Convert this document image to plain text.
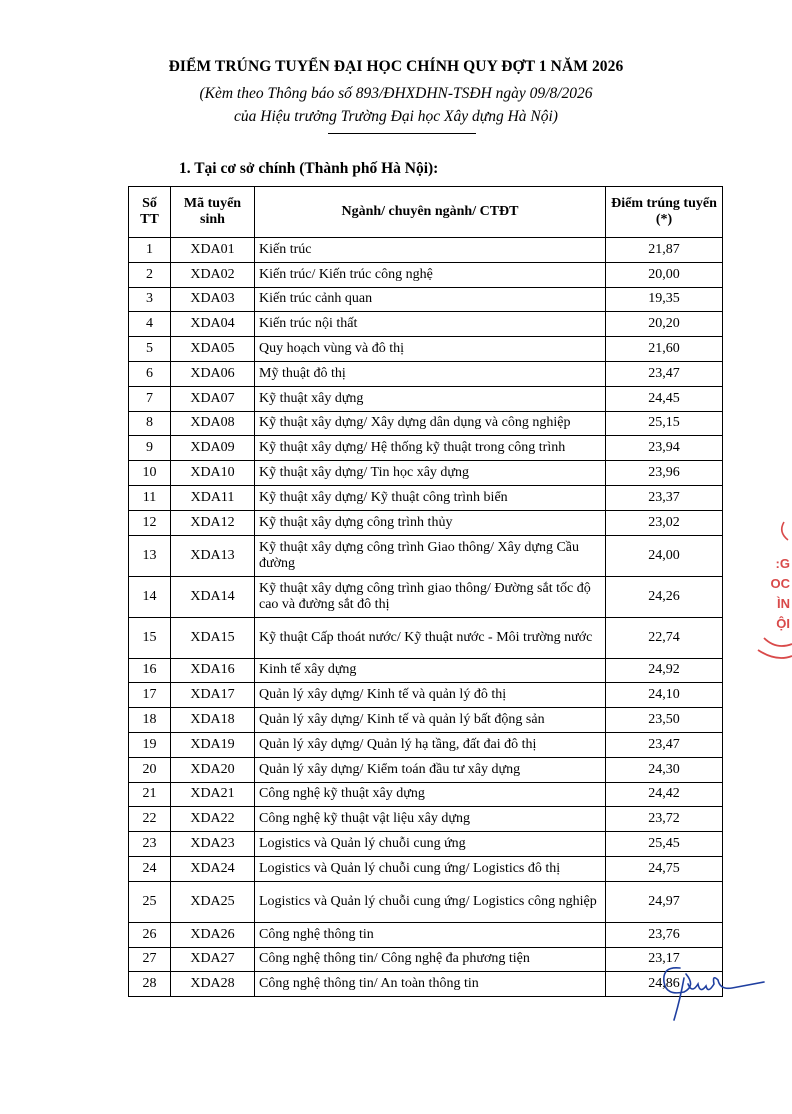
ĐIỂM TRÚNG TUYỂN ĐẠI HỌC CHÍNH QUY ĐỢT 1 NĂM 2026
(Kèm theo Thông báo số 893/ĐHXDHN-TSĐH ngày 09/8/2026
của Hiệu trưởng Trường Đại học Xây dựng Hà Nội)
1. Tại cơ sở chính (Thành phố Hà Nội):
Số TT	Mã tuyển sinh	Ngành/ chuyên ngành/ CTĐT	Điểm trúng tuyển (*)
1	XDA01	Kiến trúc	21,87
2	XDA02	Kiến trúc/ Kiến trúc công nghệ	20,00
3	XDA03	Kiến trúc cảnh quan	19,35
4	XDA04	Kiến trúc nội thất	20,20
5	XDA05	Quy hoạch vùng và đô thị	21,60
6	XDA06	Mỹ thuật đô thị	23,47
7	XDA07	Kỹ thuật xây dựng	24,45
8	XDA08	Kỹ thuật xây dựng/ Xây dựng dân dụng và công nghiệp	25,15
9	XDA09	Kỹ thuật xây dựng/ Hệ thống kỹ thuật trong công trình	23,94
10	XDA10	Kỹ thuật xây dựng/ Tin học xây dựng	23,96
11	XDA11	Kỹ thuật xây dựng/ Kỹ thuật công trình biển	23,37
12	XDA12	Kỹ thuật xây dựng công trình thủy	23,02
13	XDA13	Kỹ thuật xây dựng công trình Giao thông/ Xây dựng Cầu đường	24,00
14	XDA14	Kỹ thuật xây dựng công trình giao thông/ Đường sắt tốc độ cao và đường sắt đô thị	24,26
15	XDA15	Kỹ thuật Cấp thoát nước/ Kỹ thuật nước - Môi trường nước	22,74
16	XDA16	Kinh tế xây dựng	24,92
17	XDA17	Quản lý xây dựng/ Kinh tế và quản lý đô thị	24,10
18	XDA18	Quản lý xây dựng/ Kinh tế và quản lý bất động sản	23,50
19	XDA19	Quản lý xây dựng/ Quản lý hạ tầng, đất đai đô thị	23,47
20	XDA20	Quản lý xây dựng/ Kiểm toán đầu tư xây dựng	24,30
21	XDA21	Công nghệ kỹ thuật xây dựng	24,42
22	XDA22	Công nghệ kỹ thuật vật liệu xây dựng	23,72
23	XDA23	Logistics và Quản lý chuỗi cung ứng	25,45
24	XDA24	Logistics và Quản lý chuỗi cung ứng/ Logistics đô thị	24,75
25	XDA25	Logistics và Quản lý chuỗi cung ứng/ Logistics công nghiệp	24,97
26	XDA26	Công nghệ thông tin	23,76
27	XDA27	Công nghệ thông tin/ Công nghệ đa phương tiện	23,17
28	XDA28	Công nghệ thông tin/ An toàn thông tin	24,86
:G
OC
ÌN
ỘI
